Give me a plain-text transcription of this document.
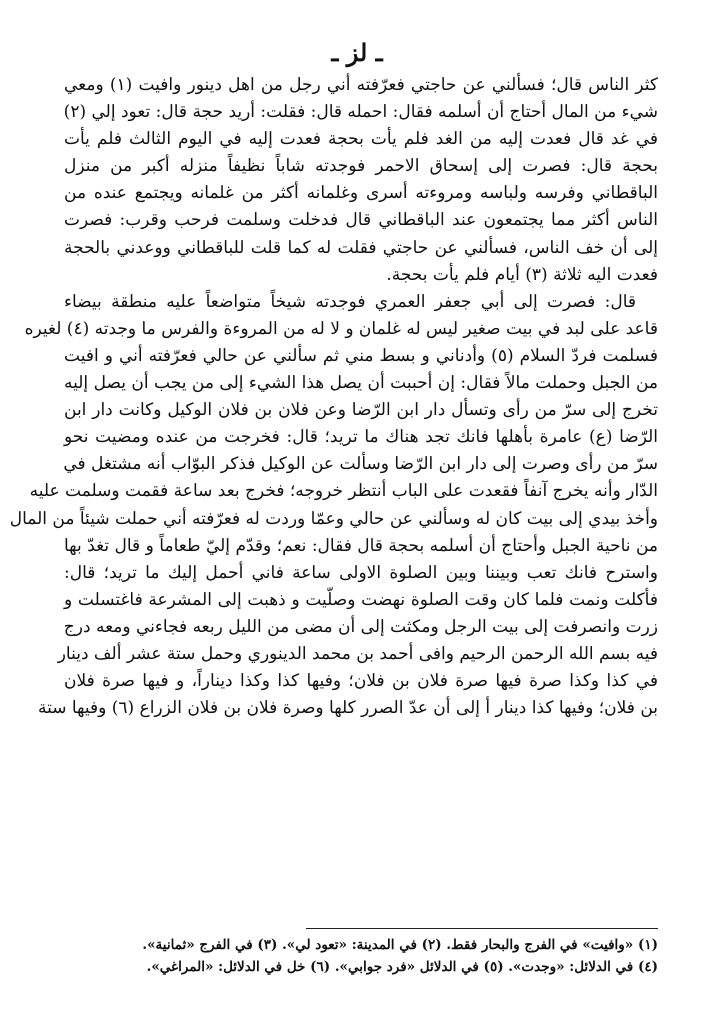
ـ لز ـ
كثر الناس قال؛ فسألني عن حاجتي فعرّفته أني رجل من اهل دينور وافيت (١) ومعي
شيء من المال أحتاج أن أسلمه فقال: احمله قال: فقلت: أريد حجة قال: تعود إلي (٢)
في غد قال فعدت إليه من الغد فلم يأت بحجة فعدت إليه في اليوم الثالث فلم يأت
بحجة قال: فصرت إلى إسحاق الاحمر فوجدته شاباً نظيفاً منزله أكبر من منزل
الباقطاني وفرسه ولباسه ومروءته أسرى وغلمانه أكثر من غلمانه ويجتمع عنده من
الناس أكثر مما يجتمعون عند الباقطاني قال فدخلت وسلمت فرحب وقرب: فصرت
إلى أن خف الناس، فسألني عن حاجتي فقلت له كما قلت للباقطاني ووعدني بالحجة
فعدت اليه ثلاثة (٣) أيام فلم يأت بحجة.
قال: فصرت إلى أبي جعفر العمري فوجدته شيخاً متواضعاً عليه منطقة بيضاء
قاعد على لبد في بيت صغير ليس له غلمان و لا له من المروءة والفرس ما وجدته (٤) لغيره
فسلمت فردّ السلام (٥) وأدناني و بسط مني ثم سألني عن حالي فعرّفته أني و افيت
من الجبل وحملت مالاً فقال: إن أحببت أن يصل هذا الشيء إلى من يجب أن يصل إليه
تخرج إلى سرّ من رأى وتسأل دار ابن الرّضا وعن فلان بن فلان الوكيل وكانت دار ابن
الرّضا (ع) عامرة بأهلها فانك تجد هناك ما تريد؛ قال: فخرجت من عنده ومضيت نحو
سرّ من رأى وصرت إلى دار ابن الرّضا وسألت عن الوكيل فذكر البوّاب أنه مشتغل في
الدّار وأنه يخرج آنفاً فقعدت على الباب أنتظر خروجه؛ فخرج بعد ساعة فقمت وسلمت عليه
وأخذ بيدي إلى بيت كان له وسألني عن حالي وعمّا وردت له فعرّفته أني حملت شيئاً من المال
من ناحية الجبل وأحتاج أن أسلمه بحجة قال فقال: نعم؛ وقدّم إليّ طعاماً و قال تغدّ بها
واسترح فانك تعب وبيننا وبين الصلوة الاولى ساعة فاني أحمل إليك ما تريد؛ قال:
فأكلت ونمت فلما كان وقت الصلوة نهضت وصلّيت و ذهبت إلى المشرعة فاغتسلت و
زرت وانصرفت إلى بيت الرجل ومكثت إلى أن مضى من الليل ربعه فجاءني ومعه درج
فيه بسم الله الرحمن الرحيم وافى أحمد بن محمد الدينوري وحمل ستة عشر ألف دينار
في كذا وكذا صرة فيها صرة فلان بن فلان؛ وفيها كذا وكذا ديناراً، و فيها صرة فلان
بن فلان؛ وفيها كذا دينار أ إلى أن عدّ الصرر كلها وصرة فلان بن فلان الزراع (٦) وفيها ستة
(١) «وافيت» في الفرج والبحار فقط. (٢) في المدينة: «تعود لي». (٣) في الفرج «ثمانية».
(٤) في الدلائل: «وجدت». (٥) في الدلائل «فرد جوابي». (٦) خل في الدلائل: «المراغي».
